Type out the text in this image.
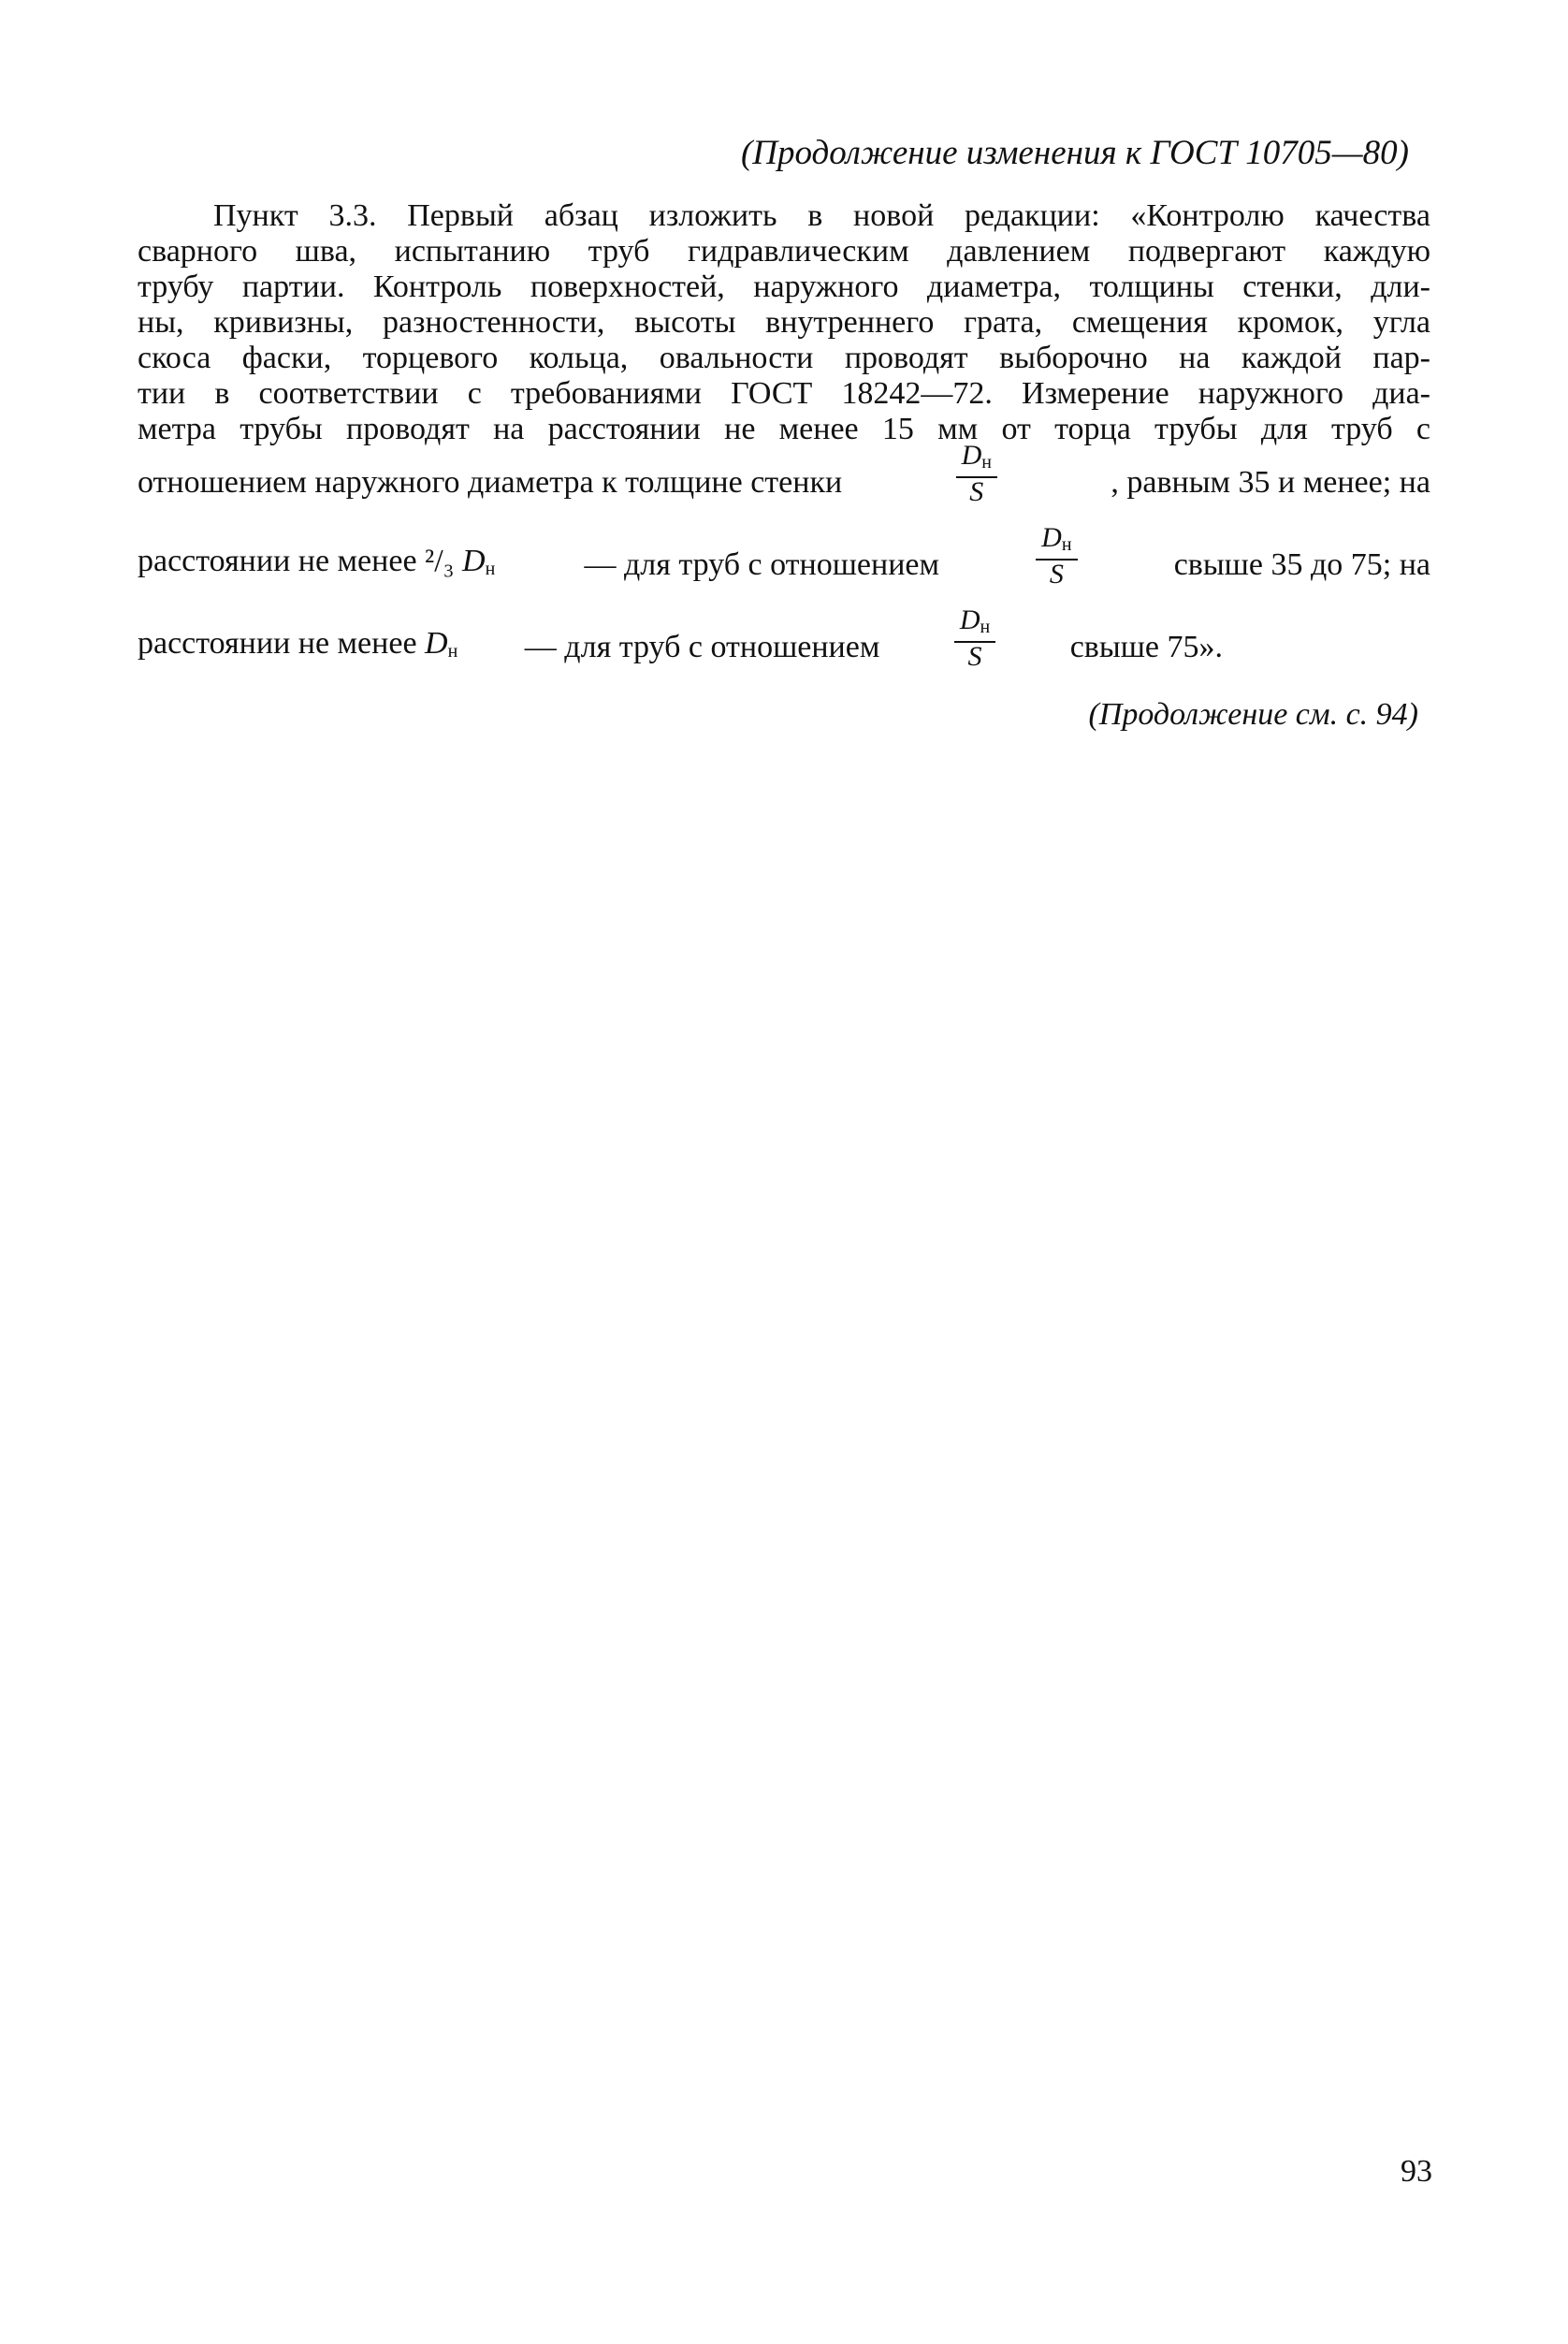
(Продолжение изменения к ГОСТ 10705—80)
Пункт 3.3. Первый абзац изложить в новой редакции: «Контролю качества
сварного шва, испытанию труб гидравлическим давлением подвергают каждую
трубу партии. Контроль поверхностей, наружного диаметра, толщины стенки, дли-
ны, кривизны, разностенности, высоты внутреннего грата, смещения кромок, угла
скоса фаски, торцевого кольца, овальности проводят выборочно на каждой пар-
тии в соответствии с требованиями ГОСТ 18242—72. Измерение наружного диа-
метра трубы проводят на расстоянии не менее 15 мм от торца трубы для труб с
отношением наружного диаметра к толщине стенки	$\frac{D_н}{S}$	, равным 35 и менее; на
расстоянии не менее ²/₃ $D_н$	— для труб с отношением	$\frac{D_н}{S}$	свыше 35 до 75; на
расстоянии не менее $D_н$ — для труб с отношением	$\frac{D_н}{S}$ свыше 75».
(Продолжение см. с. 94)
93
